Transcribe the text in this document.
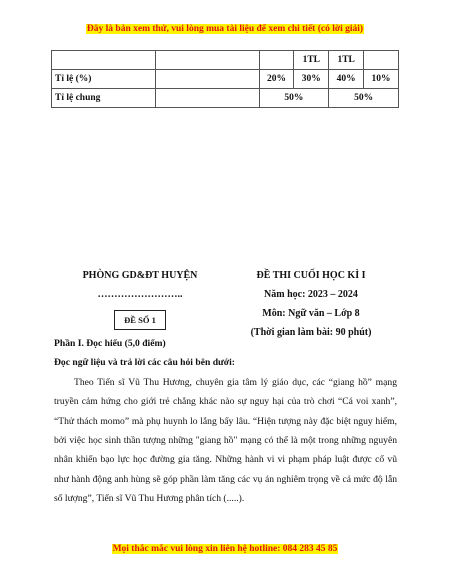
Đây là bản xem thử, vui lòng mua tài liệu để xem chi tiết (có lời giải)
			1TL	1TL	
Tỉ lệ (%)		20%	30%	40%	10%
Tỉ lệ chung		50%		50%	
PHÒNG GD&ĐT HUYỆN
……………………..
ĐỀ SỐ 1
ĐỀ THI CUỐI HỌC KÌ I
Năm học: 2023 – 2024
Môn: Ngữ văn – Lớp 8
(Thời gian làm bài: 90 phút)

Phần I. Đọc hiểu (5,0 điểm)

Đọc ngữ liệu và trả lời các câu hỏi bên dưới:

Theo Tiến sĩ Vũ Thu Hương, chuyên gia tâm lý giáo dục, các “giang hồ” mạng truyền cảm hứng cho giới trẻ chẳng khác nào sự nguy hại của trò chơi “Cá voi xanh”, “Thử thách momo” mà phụ huynh lo lắng bấy lâu. “Hiện tượng này đặc biệt nguy hiểm, bởi việc học sinh thần tượng những "giang hồ" mạng có thể là một trong những nguyên nhân khiến bạo lực học đường gia tăng. Những hành vi vi phạm pháp luật được cổ vũ như hành động anh hùng sẽ góp phần làm tăng các vụ án nghiêm trọng về cả mức độ lẫn số lượng”, Tiến sĩ Vũ Thu Hương phân tích (.....).

Mọi thắc mắc vui lòng xin liên hệ hotline: 084 283 45 85
